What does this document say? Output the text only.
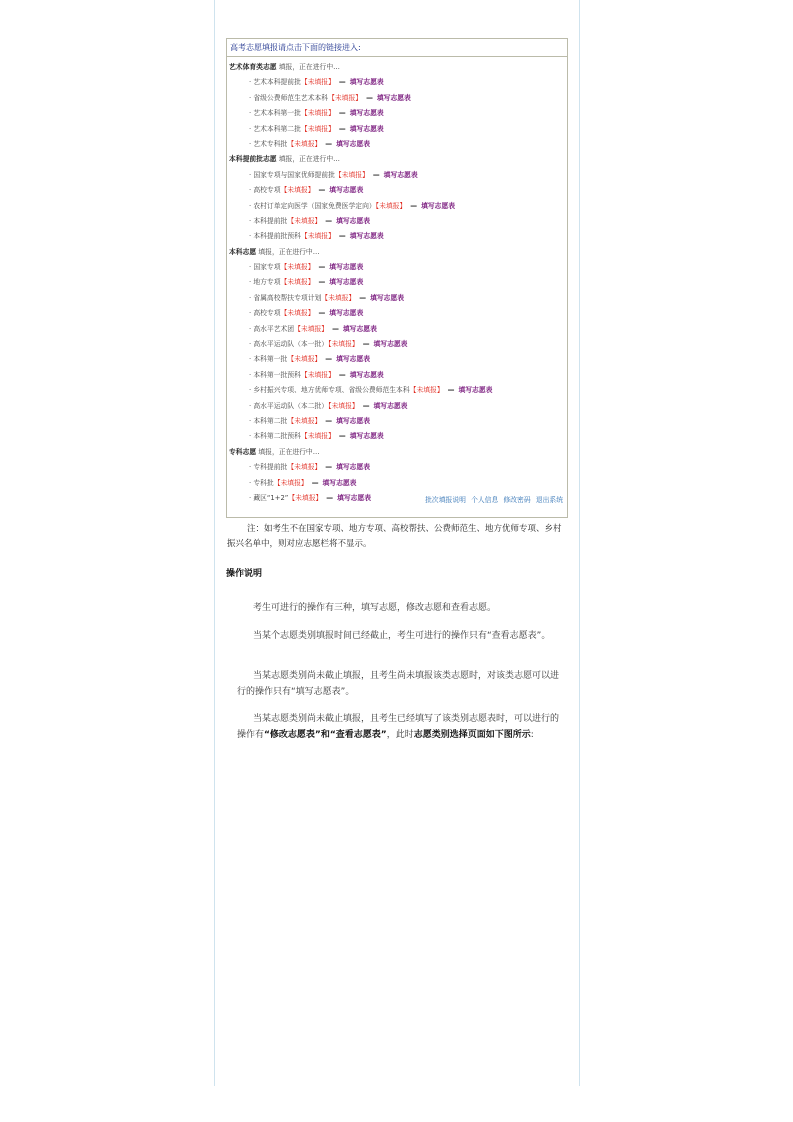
高考志愿填报请点击下面的链接进入:
艺术体育类志愿 填报，正在进行中…
· 艺术本科提前批【未填报】 — 填写志愿表
· 省级公费师范生艺术本科【未填报】 — 填写志愿表
· 艺术本科第一批【未填报】 — 填写志愿表
· 艺术本科第二批【未填报】 — 填写志愿表
· 艺术专科批【未填报】 — 填写志愿表
本科提前批志愿 填报，正在进行中…
· 国家专项与国家优师提前批【未填报】 — 填写志愿表
· 高校专项【未填报】 — 填写志愿表
· 农村订单定向医学（国家免费医学定向）【未填报】 — 填写志愿表
· 本科提前批【未填报】 — 填写志愿表
· 本科提前批预科【未填报】 — 填写志愿表
本科志愿 填报，正在进行中…
· 国家专项【未填报】 — 填写志愿表
· 地方专项【未填报】 — 填写志愿表
· 省属高校帮扶专项计划【未填报】 — 填写志愿表
· 高校专项【未填报】 — 填写志愿表
· 高水平艺术团【未填报】 — 填写志愿表
· 高水平运动队（本一批）【未填报】 — 填写志愿表
· 本科第一批【未填报】 — 填写志愿表
· 本科第一批预科【未填报】 — 填写志愿表
· 乡村振兴专项、地方优师专项、省级公费师范生本科【未填报】 — 填写志愿表
· 高水平运动队（本二批）【未填报】 — 填写志愿表
· 本科第二批【未填报】 — 填写志愿表
· 本科第二批预科【未填报】 — 填写志愿表
专科志愿 填报，正在进行中…
· 专科提前批【未填报】 — 填写志愿表
· 专科批【未填报】 — 填写志愿表
· 藏区“1+2”【未填报】 — 填写志愿表	批次填报说明 个人信息 修改密码 退出系统
注：如考生不在国家专项、地方专项、高校帮扶、公费师范生、地方优师专项、乡村振兴名单中，则对应志愿栏将不显示。
操作说明
考生可进行的操作有三种，填写志愿，修改志愿和查看志愿。
当某个志愿类别填报时间已经截止，考生可进行的操作只有“查看志愿表”。
当某志愿类别尚未截止填报，且考生尚未填报该类志愿时，对该类志愿可以进行的操作只有“填写志愿表”。
当某志愿类别尚未截止填报，且考生已经填写了该类别志愿表时，可以进行的操作有“修改志愿表”和“查看志愿表”，此时志愿类别选择页面如下图所示:
